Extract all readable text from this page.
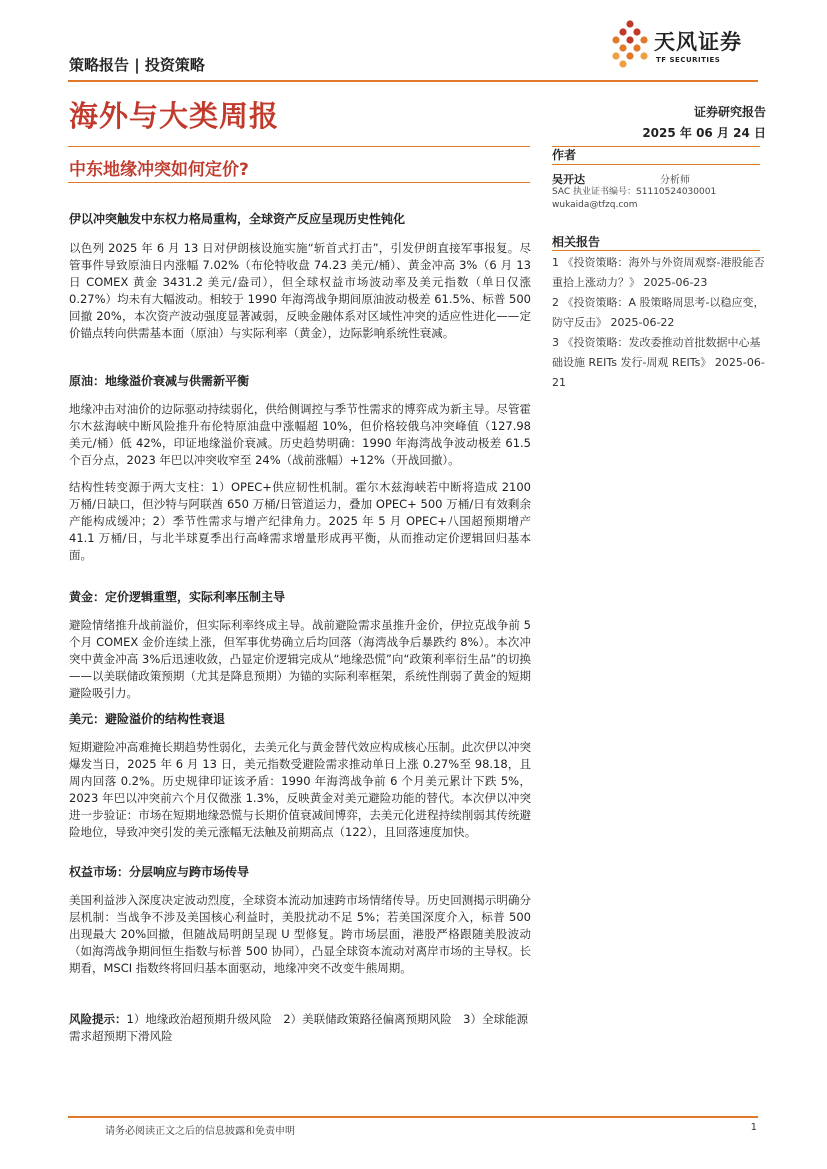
策略报告 | 投资策略
天风证券
TF SECURITIES
海外与大类周报	证券研究报告
2025 年 06 月 24 日
中东地缘冲突如何定价?
作者
吴开达	分析师
SAC 执业证书编号：S1110524030001
wukaida@tfzq.com
相关报告

1 《投资策略：海外与外资周观察-港股能否重拾上涨动力？》 2025-06-23

2 《投资策略：A 股策略周思考-以稳应变，防守反击》 2025-06-22

3 《投资策略：发改委推动首批数据中心基础设施 REITs 发行-周观 REITs》 2025-06-21

伊以冲突触发中东权力格局重构，全球资产反应呈现历史性钝化

以色列 2025 年 6 月 13 日对伊朗核设施实施“斩首式打击”，引发伊朗直接军事报复。尽管事件导致原油日内涨幅 7.02%（布伦特收盘 74.23 美元/桶）、黄金冲高 3%（6 月 13 日 COMEX 黄金 3431.2 美元/盎司），但全球权益市场波动率及美元指数（单日仅涨 0.27%）均未有大幅波动。相较于 1990 年海湾战争期间原油波动极差 61.5%、标普 500 回撤 20%，本次资产波动强度显著减弱，反映金融体系对区域性冲突的适应性进化——定价锚点转向供需基本面（原油）与实际利率（黄金），边际影响系统性衰减。

原油：地缘溢价衰减与供需新平衡

地缘冲击对油价的边际驱动持续弱化，供给侧调控与季节性需求的博弈成为新主导。尽管霍尔木兹海峡中断风险推升布伦特原油盘中涨幅超 10%，但价格较俄乌冲突峰值（127.98 美元/桶）低 42%，印证地缘溢价衰减。历史趋势明确：1990 年海湾战争波动极差 61.5 个百分点，2023 年巴以冲突收窄至 24%（战前涨幅）+12%（开战回撤）。

结构性转变源于两大支柱：1）OPEC+供应韧性机制。霍尔木兹海峡若中断将造成 2100 万桶/日缺口，但沙特与阿联酋 650 万桶/日管道运力，叠加 OPEC+ 500 万桶/日有效剩余产能构成缓冲；2）季节性需求与增产纪律角力。2025 年 5 月 OPEC+八国超预期增产 41.1 万桶/日，与北半球夏季出行高峰需求增量形成再平衡，从而推动定价逻辑回归基本面。

黄金：定价逻辑重塑，实际利率压制主导

避险情绪推升战前溢价，但实际利率终成主导。战前避险需求虽推升金价，伊拉克战争前 5 个月 COMEX 金价连续上涨，但军事优势确立后均回落（海湾战争后暴跌约 8%）。本次冲突中黄金冲高 3%后迅速收敛，凸显定价逻辑完成从“地缘恐慌”向“政策利率衍生品”的切换——以美联储政策预期（尤其是降息预期）为锚的实际利率框架，系统性削弱了黄金的短期避险吸引力。

美元：避险溢价的结构性衰退

短期避险冲高难掩长期趋势性弱化，去美元化与黄金替代效应构成核心压制。此次伊以冲突爆发当日，2025 年 6 月 13 日，美元指数受避险需求推动单日上涨 0.27%至 98.18，且周内回落 0.2%。历史规律印证该矛盾：1990 年海湾战争前 6 个月美元累计下跌 5%，2023 年巴以冲突前六个月仅微涨 1.3%，反映黄金对美元避险功能的替代。本次伊以冲突进一步验证：市场在短期地缘恐慌与长期价值衰减间博弈，去美元化进程持续削弱其传统避险地位，导致冲突引发的美元涨幅无法触及前期高点（122），且回落速度加快。

权益市场：分层响应与跨市场传导

美国利益涉入深度决定波动烈度，全球资本流动加速跨市场情绪传导。历史回测揭示明确分层机制：当战争不涉及美国核心利益时，美股扰动不足 5%；若美国深度介入，标普 500 出现最大 20%回撤，但随战局明朗呈现 U 型修复。跨市场层面，港股严格跟随美股波动（如海湾战争期间恒生指数与标普 500 协同），凸显全球资本流动对离岸市场的主导权。长期看，MSCI 指数终将回归基本面驱动，地缘冲突不改变牛熊周期。

风险提示：1）地缘政治超预期升级风险　2）美联储政策路径偏离预期风险　3）全球能源需求超预期下滑风险
请务必阅读正文之后的信息披露和免责申明	1
